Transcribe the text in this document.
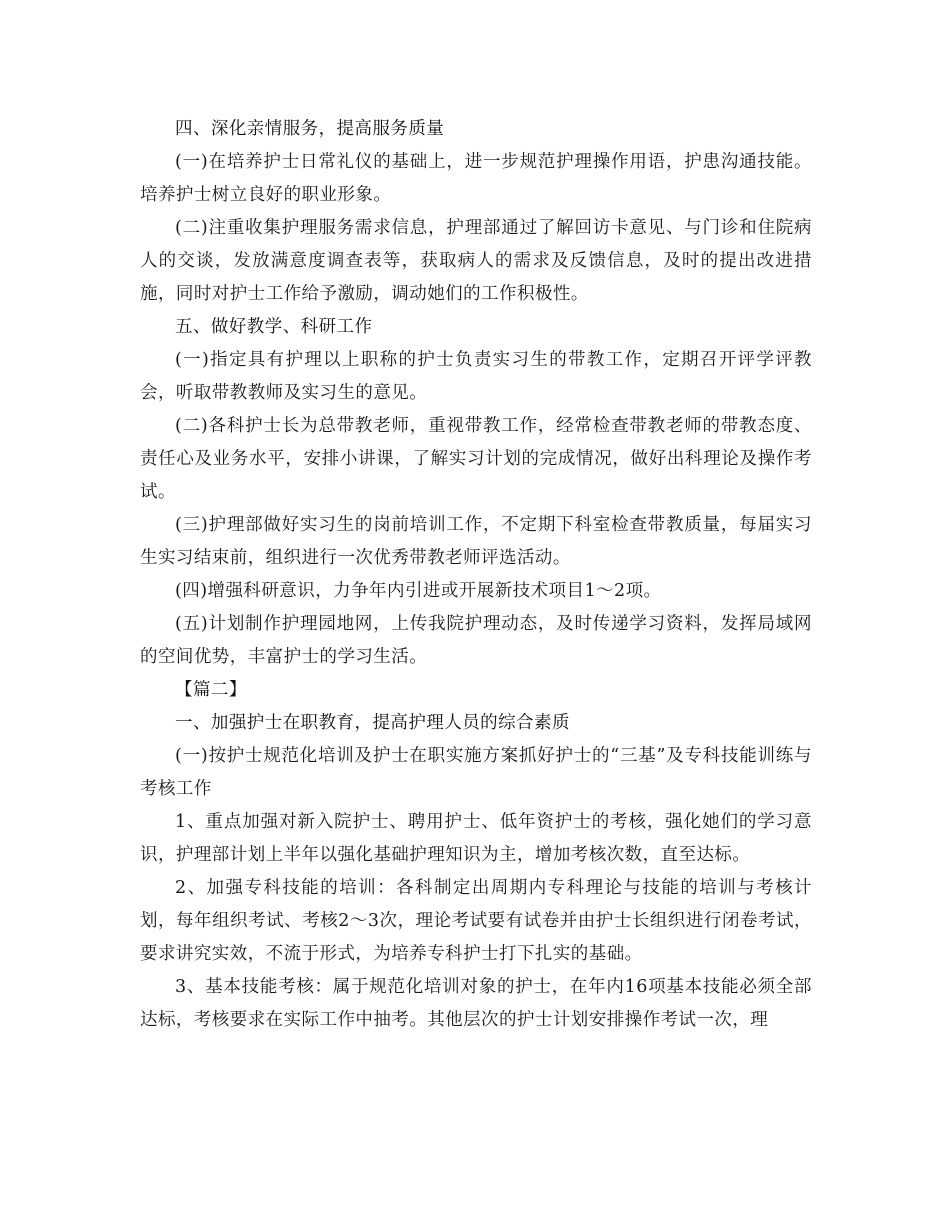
四、深化亲情服务，提高服务质量

(一)在培养护士日常礼仪的基础上，进一步规范护理操作用语，护患沟通技能。培养护士树立良好的职业形象。

(二)注重收集护理服务需求信息，护理部通过了解回访卡意见、与门诊和住院病人的交谈，发放满意度调查表等，获取病人的需求及反馈信息，及时的提出改进措施，同时对护士工作给予激励，调动她们的工作积极性。

五、做好教学、科研工作

(一)指定具有护理以上职称的护士负责实习生的带教工作，定期召开评学评教会，听取带教教师及实习生的意见。

(二)各科护士长为总带教老师，重视带教工作，经常检查带教老师的带教态度、责任心及业务水平，安排小讲课，了解实习计划的完成情况，做好出科理论及操作考试。

(三)护理部做好实习生的岗前培训工作，不定期下科室检查带教质量，每届实习生实习结束前，组织进行一次优秀带教老师评选活动。

(四)增强科研意识，力争年内引进或开展新技术项目1～2项。

(五)计划制作护理园地网，上传我院护理动态，及时传递学习资料，发挥局域网的空间优势，丰富护士的学习生活。

【篇二】

一、加强护士在职教育，提高护理人员的综合素质

(一)按护士规范化培训及护士在职实施方案抓好护士的“三基”及专科技能训练与考核工作

1、重点加强对新入院护士、聘用护士、低年资护士的考核，强化她们的学习意识，护理部计划上半年以强化基础护理知识为主，增加考核次数，直至达标。

2、加强专科技能的培训：各科制定出周期内专科理论与技能的培训与考核计划，每年组织考试、考核2～3次，理论考试要有试卷并由护士长组织进行闭卷考试，要求讲究实效，不流于形式，为培养专科护士打下扎实的基础。

3、基本技能考核：属于规范化培训对象的护士，在年内16项基本技能必须全部达标，考核要求在实际工作中抽考。其他层次的护士计划安排操作考试一次，理
